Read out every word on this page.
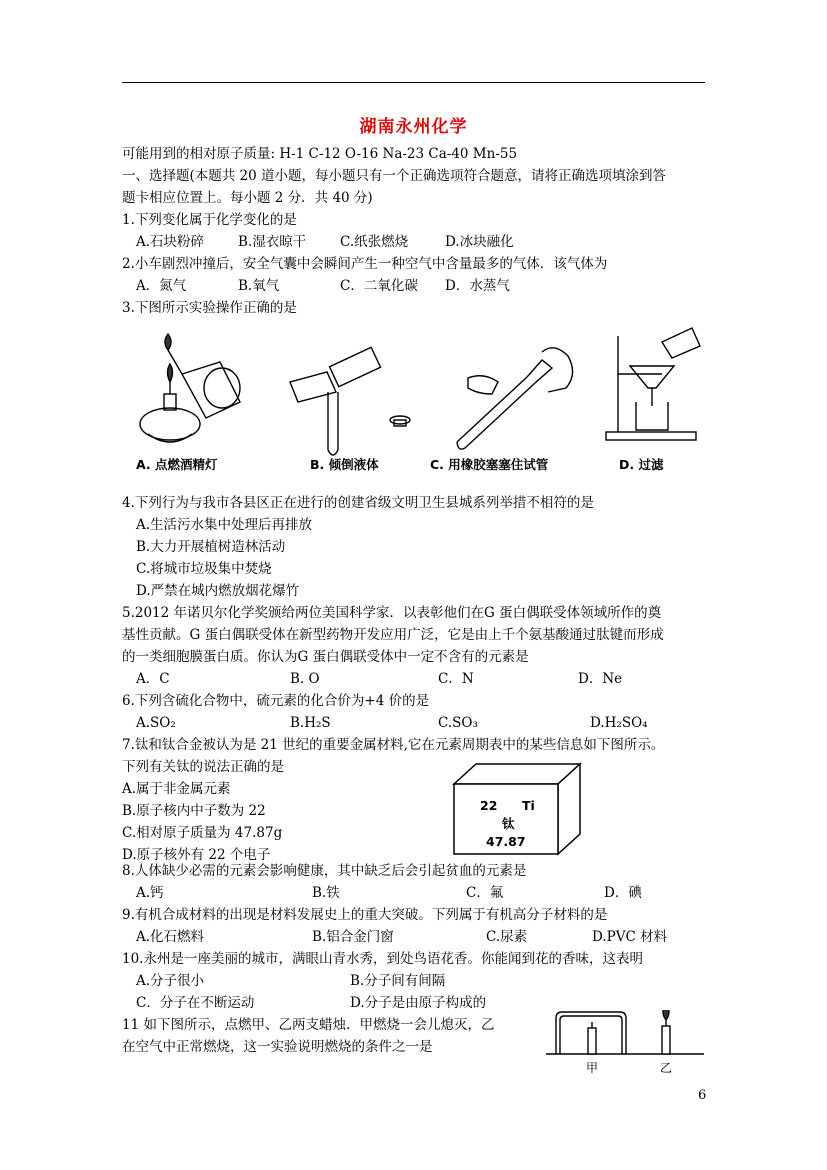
湖南永州化学
可能用到的相对原子质量: H-1 C-12 O-16 Na-23 Ca-40 Mn-55
一、选择题(本题共 20 道小题，每小题只有一个正确选项符合题意，请将正确选项填涂到答
题卡相应位置上。每小题 2 分．共 40 分)
1.下列变化属于化学变化的是
A.石块粉碎	B.湿衣晾干	C.纸张燃烧	D.冰块融化
2.小车剧烈冲撞后，安全气囊中会瞬间产生一种空气中含量最多的气体．该气体为
A．氮气	B.氧气	C．二氧化碳 D．水蒸气
3.下图所示实验操作正确的是
A. 点燃酒精灯	B. 倾倒液体	C. 用橡胶塞塞住试管	D. 过滤
4.下列行为与我市各县区正在进行的创建省级文明卫生县城系列举措不相符的是
A.生活污水集中处理后再排放
B.大力开展植树造林活动
C.将城市垃圾集中焚烧
D.严禁在城内燃放烟花爆竹
5.2012 年诺贝尔化学奖颁给两位美国科学家．以表彰他们在G 蛋白偶联受体领域所作的奠
基性贡献。G 蛋白偶联受体在新型药物开发应用广泛，它是由上千个氨基酸通过肽键而形成
的一类细胞膜蛋白质。你认为G 蛋白偶联受体中一定不含有的元素是
A．C	B. O	C．N	D．Ne
6.下列含硫化合物中，硫元素的化合价为+4 价的是
A.SO₂	B.H₂S	C.SO₃	D.H₂SO₄
7.钛和钛合金被认为是 21 世纪的重要金属材料,它在元素周期表中的某些信息如下图所示。
下列有关钛的说法正确的是
A.属于非金属元素
B.原子核内中子数为 22
C.相对原子质量为 47.87g
D.原子核外有 22 个电子
22 Ti
钛
47.87
8.人体缺少必需的元素会影响健康，其中缺乏后会引起贫血的元素是
A.钙	B.铁	C．氟	D．碘
9.有机合成材料的出现是材料发展史上的重大突破。下列属于有机高分子材料的是
A.化石燃料	B.铝合金门窗	C.尿素	D.PVC 材料
10.永州是一座美丽的城市，满眼山青水秀，到处鸟语花香。你能闻到花的香味，这表明
A.分子很小	B.分子间有间隔
C．分子在不断运动	D.分子是由原子构成的
11 如下图所示，点燃甲、乙两支蜡烛．甲燃烧一会儿熄灭，乙
在空气中正常燃烧，这一实验说明燃烧的条件之一是
甲	乙
6
